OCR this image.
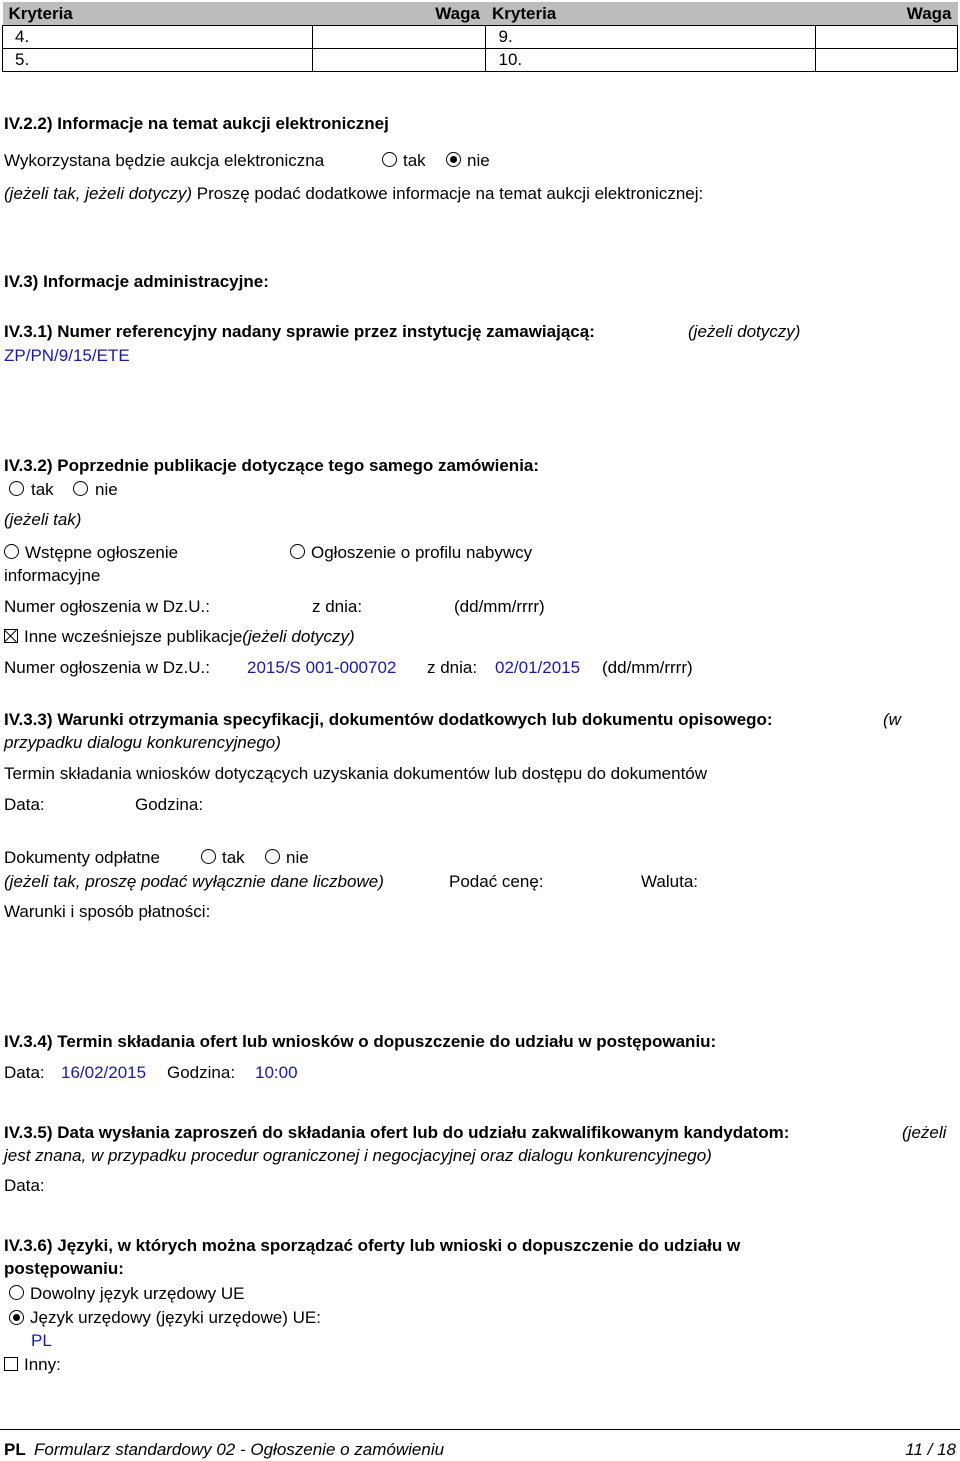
Kryteria	Waga	Kryteria	Waga
4.		9.	
5.		10.	
IV.2.2) Informacje na temat aukcji elektronicznej
Wykorzystana będzie aukcja elektroniczna	tak nie
(jeżeli tak, jeżeli dotyczy) Proszę podać dodatkowe informacje na temat aukcji elektronicznej:
IV.3) Informacje administracyjne:
IV.3.1) Numer referencyjny nadany sprawie przez instytucję zamawiającą:	(jeżeli dotyczy)
ZP/PN/9/15/ETE
IV.3.2) Poprzednie publikacje dotyczące tego samego zamówienia:
tak nie
(jeżeli tak)
Wstępne ogłoszenie
informacyjne
Ogłoszenie o profilu nabywcy
Numer ogłoszenia w Dz.U.:	z dnia:	(dd/mm/rrrr)
Inne wcześniejsze publikacje(jeżeli dotyczy)
Numer ogłoszenia w Dz.U.: 2015/S 001-000702 z dnia: 02/01/2015 (dd/mm/rrrr)
IV.3.3) Warunki otrzymania specyfikacji, dokumentów dodatkowych lub dokumentu opisowego:	(w
przypadku dialogu konkurencyjnego)
Termin składania wniosków dotyczących uzyskania dokumentów lub dostępu do dokumentów
Data:	Godzina:
Dokumenty odpłatne	tak nie
(jeżeli tak, proszę podać wyłącznie dane liczbowe)	Podać cenę:	Waluta:
Warunki i sposób płatności:
IV.3.4) Termin składania ofert lub wniosków o dopuszczenie do udziału w postępowaniu:
Data: 16/02/2015 Godzina: 10:00
IV.3.5) Data wysłania zaproszeń do składania ofert lub do udziału zakwalifikowanym kandydatom:	(jeżeli
jest znana, w przypadku procedur ograniczonej i negocjacyjnej oraz dialogu konkurencyjnego)
Data:
IV.3.6) Języki, w których można sporządzać oferty lub wnioski o dopuszczenie do udziału w
postępowaniu:
Dowolny język urzędowy UE
Język urzędowy (języki urzędowe) UE:
PL
Inny:
PL Formularz standardowy 02 - Ogłoszenie o zamówieniu	11 / 18
